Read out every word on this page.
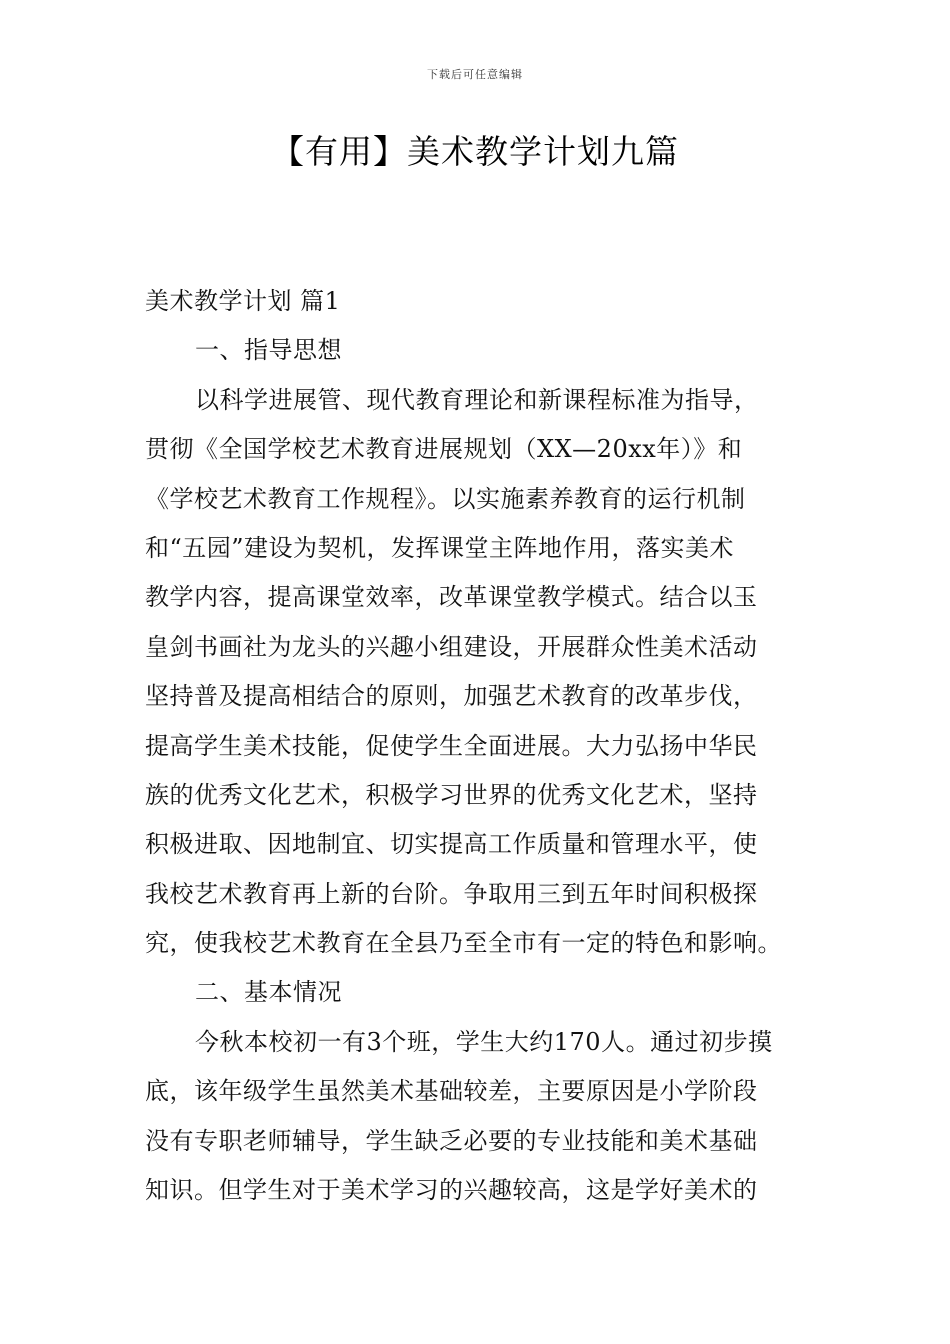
下载后可任意编辑
【有用】美术教学计划九篇
美术教学计划 篇1
一、指导思想
以科学进展管、现代教育理论和新课程标准为指导，
贯彻《全国学校艺术教育进展规划（XX—20xx年）》和
《学校艺术教育工作规程》。以实施素养教育的运行机制
和“五园”建设为契机，发挥课堂主阵地作用，落实美术
教学内容，提高课堂效率，改革课堂教学模式。结合以玉
皇剑书画社为龙头的兴趣小组建设，开展群众性美术活动
坚持普及提高相结合的原则，加强艺术教育的改革步伐，
提高学生美术技能，促使学生全面进展。大力弘扬中华民
族的优秀文化艺术，积极学习世界的优秀文化艺术，坚持
积极进取、因地制宜、切实提高工作质量和管理水平，使
我校艺术教育再上新的台阶。争取用三到五年时间积极探
究，使我校艺术教育在全县乃至全市有一定的特色和影响。
二、基本情况
今秋本校初一有3个班，学生大约170人。通过初步摸
底，该年级学生虽然美术基础较差，主要原因是小学阶段
没有专职老师辅导，学生缺乏必要的专业技能和美术基础
知识。但学生对于美术学习的兴趣较高，这是学好美术的
